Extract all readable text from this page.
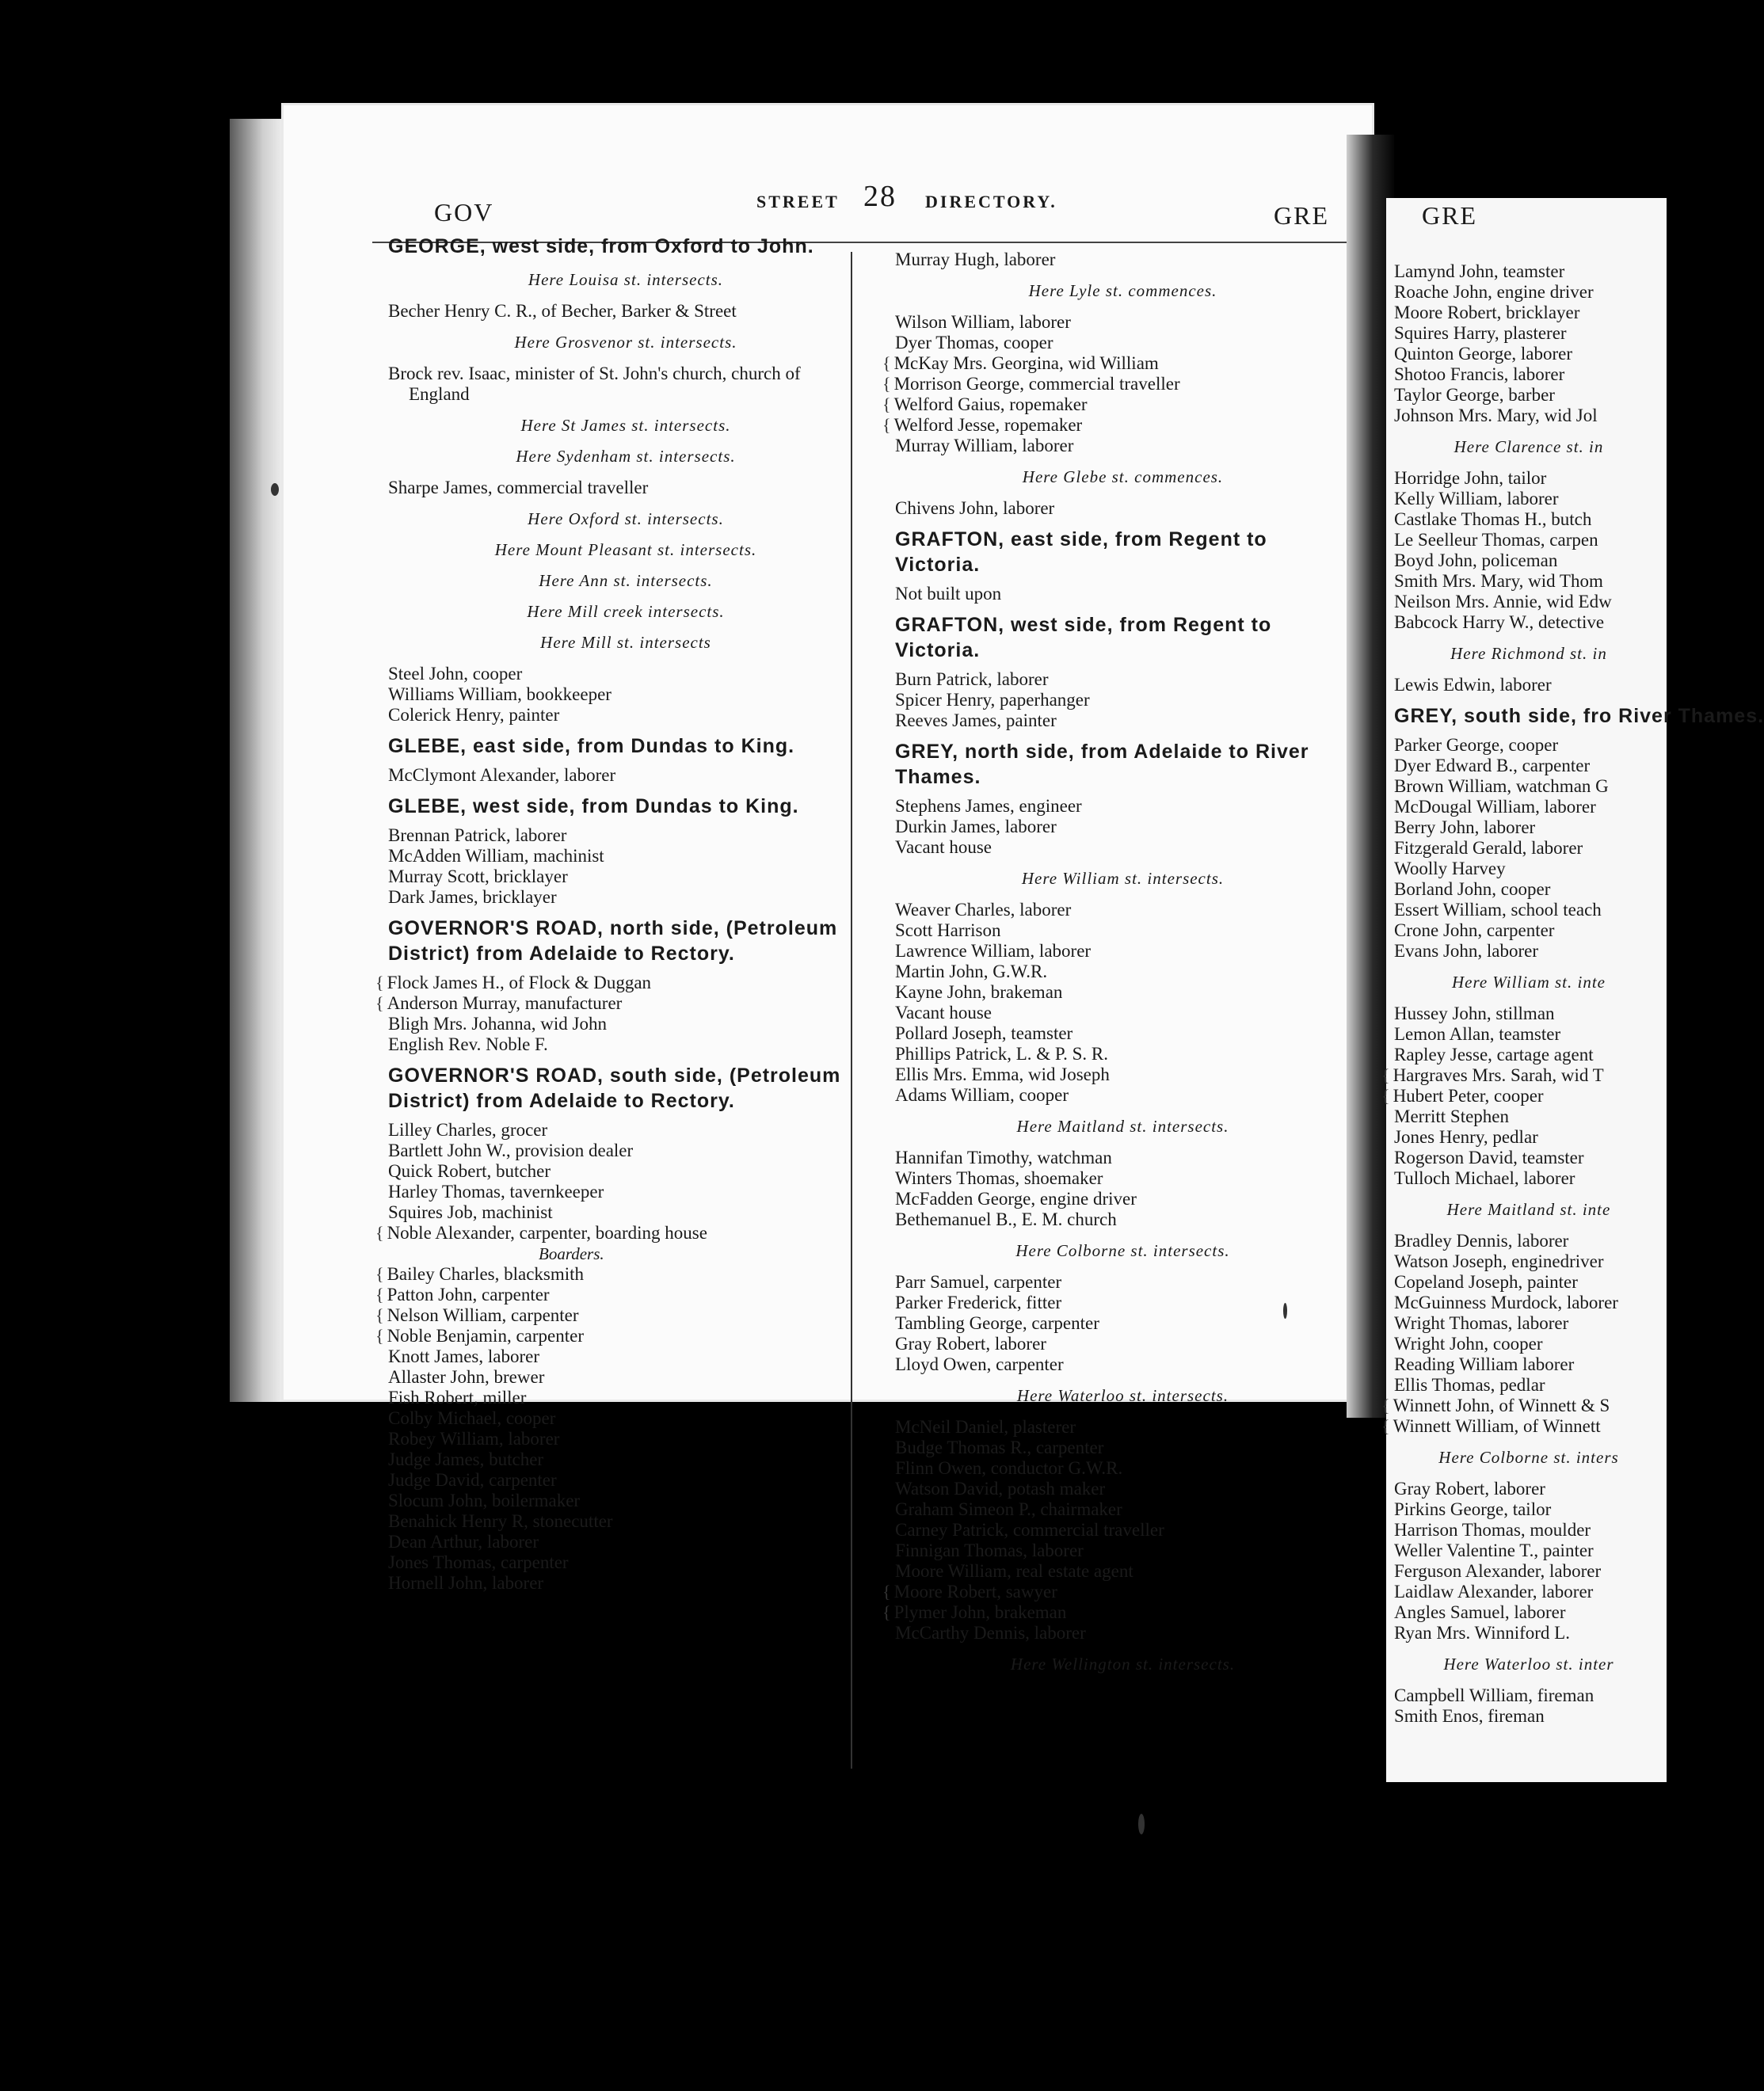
GOV	STREET 28 DIRECTORY.	GRE	GRE
GEORGE, west side, from Oxford to John.
Here Louisa st. intersects.
Becher Henry C. R., of Becher, Barker & Street
Here Grosvenor st. intersects.
Brock rev. Isaac, minister of St. John's church, church of England
Here St James st. intersects.
Here Sydenham st. intersects.
Sharpe James, commercial traveller
Here Oxford st. intersects.
Here Mount Pleasant st. intersects.
Here Ann st. intersects.
Here Mill creek intersects.
Here Mill st. intersects
Steel John, cooper
Williams William, bookkeeper
Colerick Henry, painter
GLEBE, east side, from Dundas to King.
McClymont Alexander, laborer
GLEBE, west side, from Dundas to King.
Brennan Patrick, laborer
McAdden William, machinist
Murray Scott, bricklayer
Dark James, bricklayer
GOVERNOR'S ROAD, north side, (Petroleum District) from Adelaide to Rectory.
{ Flock James H., of Flock & Duggan
{ Anderson Murray, manufacturer
Bligh Mrs. Johanna, wid John
English Rev. Noble F.
GOVERNOR'S ROAD, south side, (Petroleum District) from Adelaide to Rectory.
Lilley Charles, grocer
Bartlett John W., provision dealer
Quick Robert, butcher
Harley Thomas, tavernkeeper
Squires Job, machinist
{ Noble Alexander, carpenter, boarding house
Boarders.
{ Bailey Charles, blacksmith
{ Patton John, carpenter
{ Nelson William, carpenter
{ Noble Benjamin, carpenter
Knott James, laborer
Allaster John, brewer
Fish Robert, miller
Colby Michael, cooper
Robey William, laborer
Judge James, butcher
Judge David, carpenter
Slocum John, boilermaker
Benahick Henry R, stonecutter
Dean Arthur, laborer
Jones Thomas, carpenter
Hornell John, laborer
Murray Hugh, laborer
Here Lyle st. commences.
Wilson William, laborer
Dyer Thomas, cooper
{ McKay Mrs. Georgina, wid William
{ Morrison George, commercial traveller
{ Welford Gaius, ropemaker
{ Welford Jesse, ropemaker
Murray William, laborer
Here Glebe st. commences.
Chivens John, laborer
GRAFTON, east side, from Regent to Victoria.
Not built upon
GRAFTON, west side, from Regent to Victoria.
Burn Patrick, laborer
Spicer Henry, paperhanger
Reeves James, painter
GREY, north side, from Adelaide to River Thames.
Stephens James, engineer
Durkin James, laborer
Vacant house
Here William st. intersects.
Weaver Charles, laborer
Scott Harrison
Lawrence William, laborer
Martin John, G.W.R.
Kayne John, brakeman
Vacant house
Pollard Joseph, teamster
Phillips Patrick, L. & P. S. R.
Ellis Mrs. Emma, wid Joseph
Adams William, cooper
Here Maitland st. intersects.
Hannifan Timothy, watchman
Winters Thomas, shoemaker
McFadden George, engine driver
Bethemanuel B., E. M. church
Here Colborne st. intersects.
Parr Samuel, carpenter
Parker Frederick, fitter
Tambling George, carpenter
Gray Robert, laborer
Lloyd Owen, carpenter
Here Waterloo st. intersects.
McNeil Daniel, plasterer
Budge Thomas R., carpenter
Flinn Owen, conductor G.W.R.
Watson David, potash maker
Graham Simeon P., chairmaker
Carney Patrick, commercial traveller
Finnigan Thomas, laborer
Moore William, real estate agent
{ Moore Robert, sawyer
{ Plymer John, brakeman
McCarthy Dennis, laborer
Here Wellington st. intersects.
Lamynd John, teamster
Roache John, engine driver
Moore Robert, bricklayer
Squires Harry, plasterer
Quinton George, laborer
Shotoo Francis, laborer
Taylor George, barber
Johnson Mrs. Mary, wid Jol
Here Clarence st. in
Horridge John, tailor
Kelly William, laborer
Castlake Thomas H., butch
Le Seelleur Thomas, carpen
Boyd John, policeman
Smith Mrs. Mary, wid Thom
Neilson Mrs. Annie, wid Edw
Babcock Harry W., detective
Here Richmond st. in
Lewis Edwin, laborer
GREY, south side, fro River Thames.
Parker George, cooper
Dyer Edward B., carpenter
Brown William, watchman G
McDougal William, laborer
Berry John, laborer
Fitzgerald Gerald, laborer
Woolly Harvey
Borland John, cooper
Essert William, school teach
Crone John, carpenter
Evans John, laborer
Here William st. inte
Hussey John, stillman
Lemon Allan, teamster
Rapley Jesse, cartage agent
{ Hargraves Mrs. Sarah, wid T
{ Hubert Peter, cooper
Merritt Stephen
Jones Henry, pedlar
Rogerson David, teamster
Tulloch Michael, laborer
Here Maitland st. inte
Bradley Dennis, laborer
Watson Joseph, enginedriver
Copeland Joseph, painter
McGuinness Murdock, laborer
Wright Thomas, laborer
Wright John, cooper
Reading William laborer
Ellis Thomas, pedlar
{ Winnett John, of Winnett & S
{ Winnett William, of Winnett
Here Colborne st. inters
Gray Robert, laborer
Pirkins George, tailor
Harrison Thomas, moulder
Weller Valentine T., painter
Ferguson Alexander, laborer
Laidlaw Alexander, laborer
Angles Samuel, laborer
Ryan Mrs. Winniford L.
Here Waterloo st. inter
Campbell William, fireman
Smith Enos, fireman
